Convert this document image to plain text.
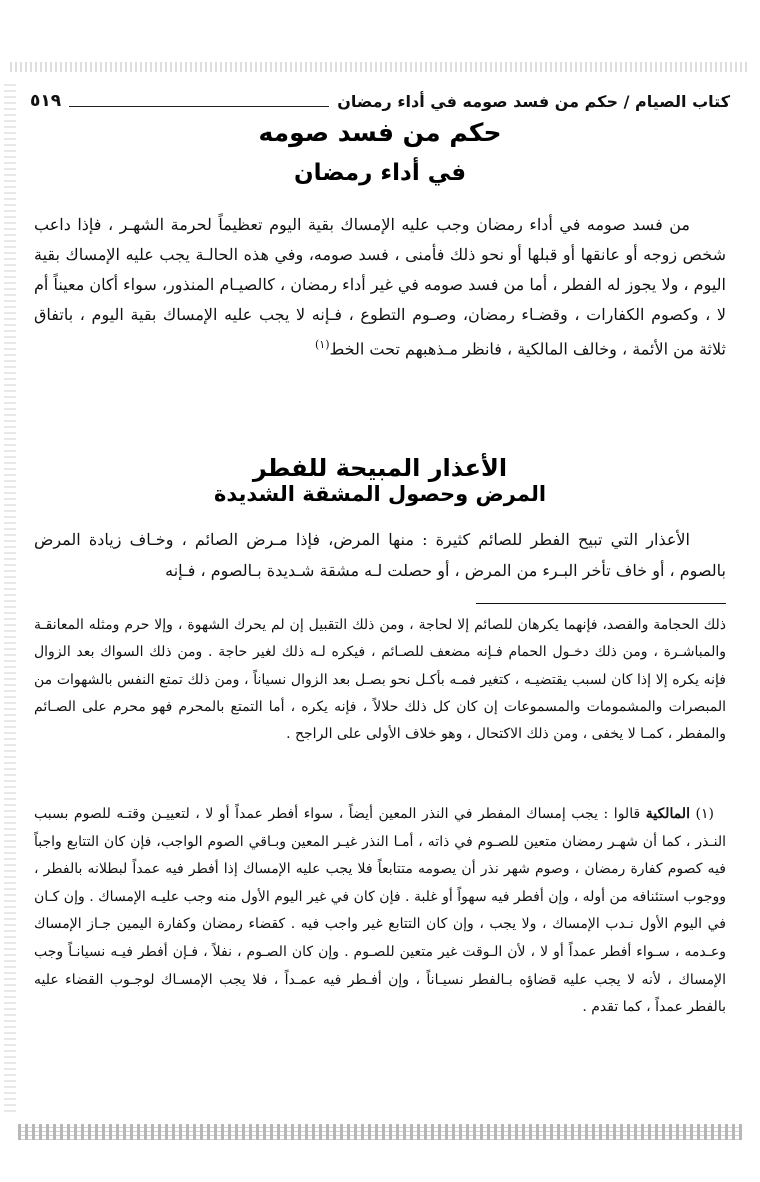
كتاب الصيام / حكم من فسد صومه في أداء رمضان
٥١٩
حكم من فسد صومه
في أداء رمضان

من فسد صومه في أداء رمضان وجب عليه الإمساك بقية اليوم تعظيماً لحرمة الشهـر ، فإذا داعب شخص زوجه أو عانقها أو قبلها أو نحو ذلك فأمنى ، فسد صومه، وفي هذه الحالـة يجب عليه الإمساك بقية اليوم ، ولا يجوز له الفطر ، أما من فسد صومه في غير أداء رمضان ، كالصيـام المنذور، سواء أكان معيناً أم لا ، وكصوم الكفارات ، وقضـاء رمضان، وصـوم التطوع ، فـإنه لا يجب عليه الإمساك بقية اليوم ، باتفاق ثلاثة من الأئمة ، وخالف المالكية ، فانظر مـذهبهم تحت الخط$^{(١)}$

الأعذار المبيحة للفطر
المرض وحصول المشقة الشديدة

الأعذار التي تبيح الفطر للصائم كثيرة : منها المرض، فإذا مـرض الصائم ، وخـاف زيادة المرض بالصوم ، أو خاف تأخر البـرء من المرض ، أو حصلت لـه مشقة شـديدة بـالصوم ، فـإنه

ذلك الحجامة والفصد، فإنهما يكرهان للصائم إلا لحاجة ، ومن ذلك التقبيل إن لم يحرك الشهوة ، وإلا حرم ومثله المعانقـة والمباشـرة ، ومن ذلك دخـول الحمام فـإنه مضعف للصـائم ، فيكره لـه ذلك لغير حاجة . ومن ذلك السواك بعد الزوال فإنه يكره إلا إذا كان لسبب يقتضيـه ، كتغير فمـه بأكـل نحو بصـل بعد الزوال نسياناً ، ومن ذلك تمتع النفس بالشهوات من المبصرات والمشمومات والمسموعات إن كان كل ذلك حلالاً ، فإنه يكره ، أما التمتع بالمحرم فهو محرم على الصـائم والمفطر ، كمـا لا يخفى ، ومن ذلك الاكتحال ، وهو خلاف الأولى على الراجح .

(١) المالكية قالوا : يجب إمساك المفطر في النذر المعين أيضاً ، سواء أفطر عمداً أو لا ، لتعييـن وقتـه للصوم بسبب النـذر ، كما أن شهـر رمضان متعين للصـوم في ذاته ، أمـا النذر غيـر المعين وبـاقي الصوم الواجب، فإن كان التتابع واجباً فيه كصوم كفارة رمضان ، وصوم شهر نذر أن يصومه متتابعاً فلا يجب عليه الإمساك إذا أفطر فيه عمداً لبطلانه بالفطر ، ووجوب استئنافه من أوله ، وإن أفطر فيه سهواً أو غلبة . فإن كان في غير اليوم الأول منه وجب عليـه الإمساك . وإن كـان في اليوم الأول نـدب الإمساك ، ولا يجب ، وإن كان التتابع غير واجب فيه . كقضاء رمضان وكفارة اليمين جـاز الإمساك وعـدمه ، سـواء أفطر عمداً أو لا ، لأن الـوقت غير متعين للصـوم . وإن كان الصـوم ، نفلاً ، فـإن أفطر فيـه نسيانـاً وجب الإمساك ، لأنه لا يجب عليه قضاؤه بـالفطر نسيـاناً ، وإن أفـطر فيه عمـداً ، فلا يجب الإمسـاك لوجـوب القضاء عليه بالفطر عمداً ، كما تقدم .
